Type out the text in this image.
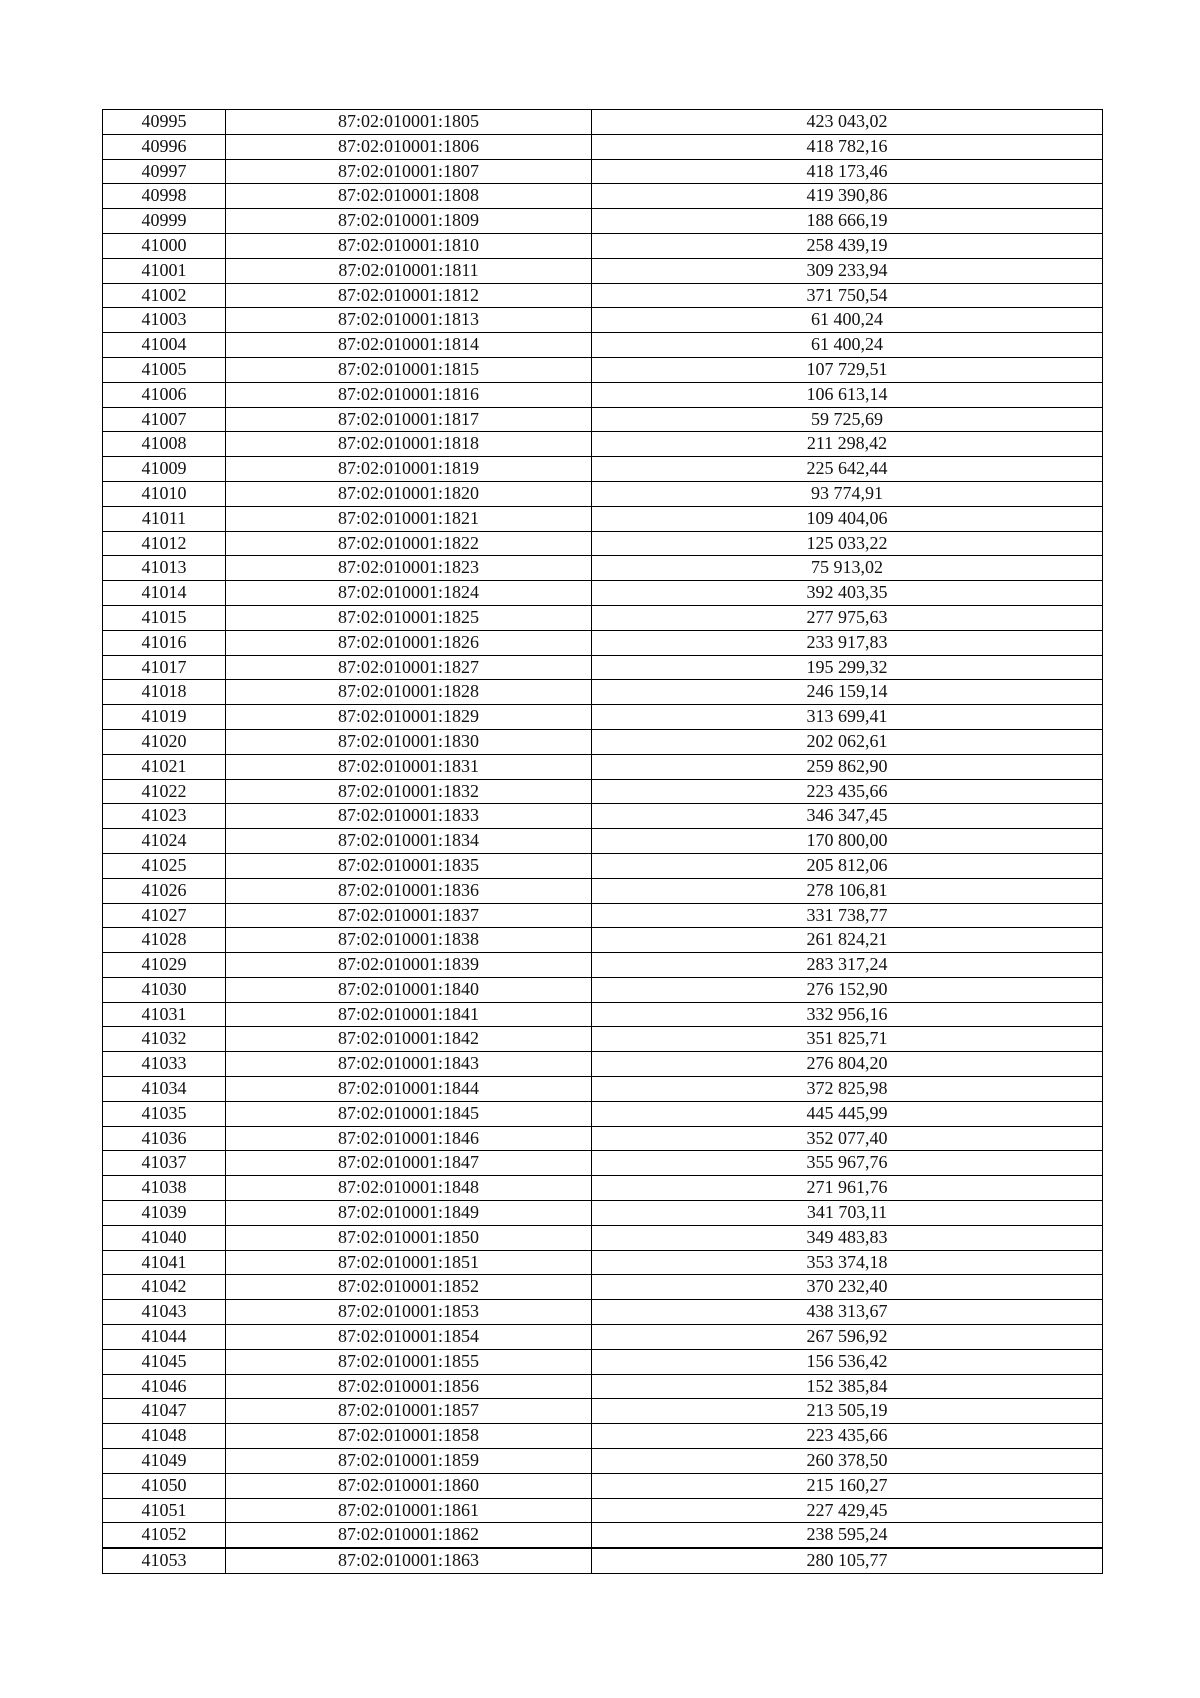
40995	87:02:010001:1805	423 043,02
40996	87:02:010001:1806	418 782,16
40997	87:02:010001:1807	418 173,46
40998	87:02:010001:1808	419 390,86
40999	87:02:010001:1809	188 666,19
41000	87:02:010001:1810	258 439,19
41001	87:02:010001:1811	309 233,94
41002	87:02:010001:1812	371 750,54
41003	87:02:010001:1813	61 400,24
41004	87:02:010001:1814	61 400,24
41005	87:02:010001:1815	107 729,51
41006	87:02:010001:1816	106 613,14
41007	87:02:010001:1817	59 725,69
41008	87:02:010001:1818	211 298,42
41009	87:02:010001:1819	225 642,44
41010	87:02:010001:1820	93 774,91
41011	87:02:010001:1821	109 404,06
41012	87:02:010001:1822	125 033,22
41013	87:02:010001:1823	75 913,02
41014	87:02:010001:1824	392 403,35
41015	87:02:010001:1825	277 975,63
41016	87:02:010001:1826	233 917,83
41017	87:02:010001:1827	195 299,32
41018	87:02:010001:1828	246 159,14
41019	87:02:010001:1829	313 699,41
41020	87:02:010001:1830	202 062,61
41021	87:02:010001:1831	259 862,90
41022	87:02:010001:1832	223 435,66
41023	87:02:010001:1833	346 347,45
41024	87:02:010001:1834	170 800,00
41025	87:02:010001:1835	205 812,06
41026	87:02:010001:1836	278 106,81
41027	87:02:010001:1837	331 738,77
41028	87:02:010001:1838	261 824,21
41029	87:02:010001:1839	283 317,24
41030	87:02:010001:1840	276 152,90
41031	87:02:010001:1841	332 956,16
41032	87:02:010001:1842	351 825,71
41033	87:02:010001:1843	276 804,20
41034	87:02:010001:1844	372 825,98
41035	87:02:010001:1845	445 445,99
41036	87:02:010001:1846	352 077,40
41037	87:02:010001:1847	355 967,76
41038	87:02:010001:1848	271 961,76
41039	87:02:010001:1849	341 703,11
41040	87:02:010001:1850	349 483,83
41041	87:02:010001:1851	353 374,18
41042	87:02:010001:1852	370 232,40
41043	87:02:010001:1853	438 313,67
41044	87:02:010001:1854	267 596,92
41045	87:02:010001:1855	156 536,42
41046	87:02:010001:1856	152 385,84
41047	87:02:010001:1857	213 505,19
41048	87:02:010001:1858	223 435,66
41049	87:02:010001:1859	260 378,50
41050	87:02:010001:1860	215 160,27
41051	87:02:010001:1861	227 429,45
41052	87:02:010001:1862	238 595,24
41053	87:02:010001:1863	280 105,77
